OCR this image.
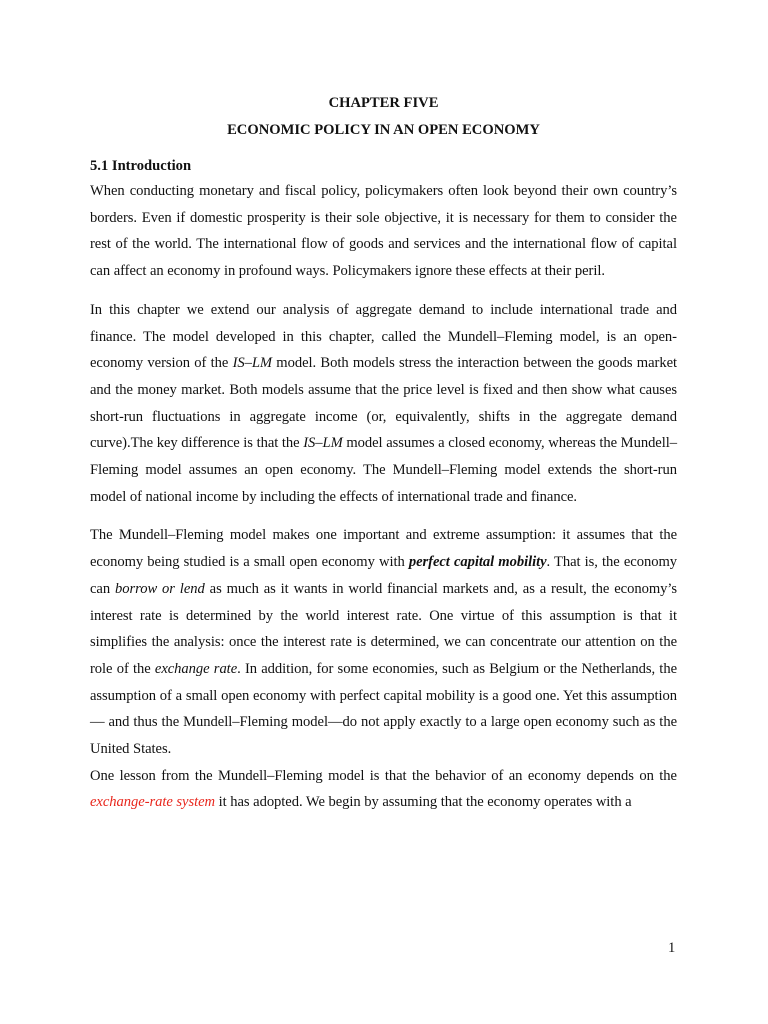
CHAPTER FIVE
ECONOMIC POLICY IN AN OPEN ECONOMY
5.1 Introduction

When conducting monetary and fiscal policy, policymakers often look beyond their own country’s borders. Even if domestic prosperity is their sole objective, it is necessary for them to consider the rest of the world. The international flow of goods and services and the international flow of capital can affect an economy in profound ways. Policymakers ignore these effects at their peril.

In this chapter we extend our analysis of aggregate demand to include international trade and finance. The model developed in this chapter, called the Mundell–Fleming model, is an open-economy version of the IS–LM model. Both models stress the interaction between the goods market and the money market. Both models assume that the price level is fixed and then show what causes short-run fluctuations in aggregate income (or, equivalently, shifts in the aggregate demand curve).The key difference is that the IS–LM model assumes a closed economy, whereas the Mundell–Fleming model assumes an open economy. The Mundell–Fleming model extends the short-run model of national income by including the effects of international trade and finance.

The Mundell–Fleming model makes one important and extreme assumption: it assumes that the economy being studied is a small open economy with perfect capital mobility. That is, the economy can borrow or lend as much as it wants in world financial markets and, as a result, the economy’s interest rate is determined by the world interest rate. One virtue of this assumption is that it simplifies the analysis: once the interest rate is determined, we can concentrate our attention on the role of the exchange rate. In addition, for some economies, such as Belgium or the Netherlands, the assumption of a small open economy with perfect capital mobility is a good one. Yet this assumption— and thus the Mundell–Fleming model—do not apply exactly to a large open economy such as the United States.

One lesson from the Mundell–Fleming model is that the behavior of an economy depends on the exchange-rate system it has adopted. We begin by assuming that the economy operates with a

1
